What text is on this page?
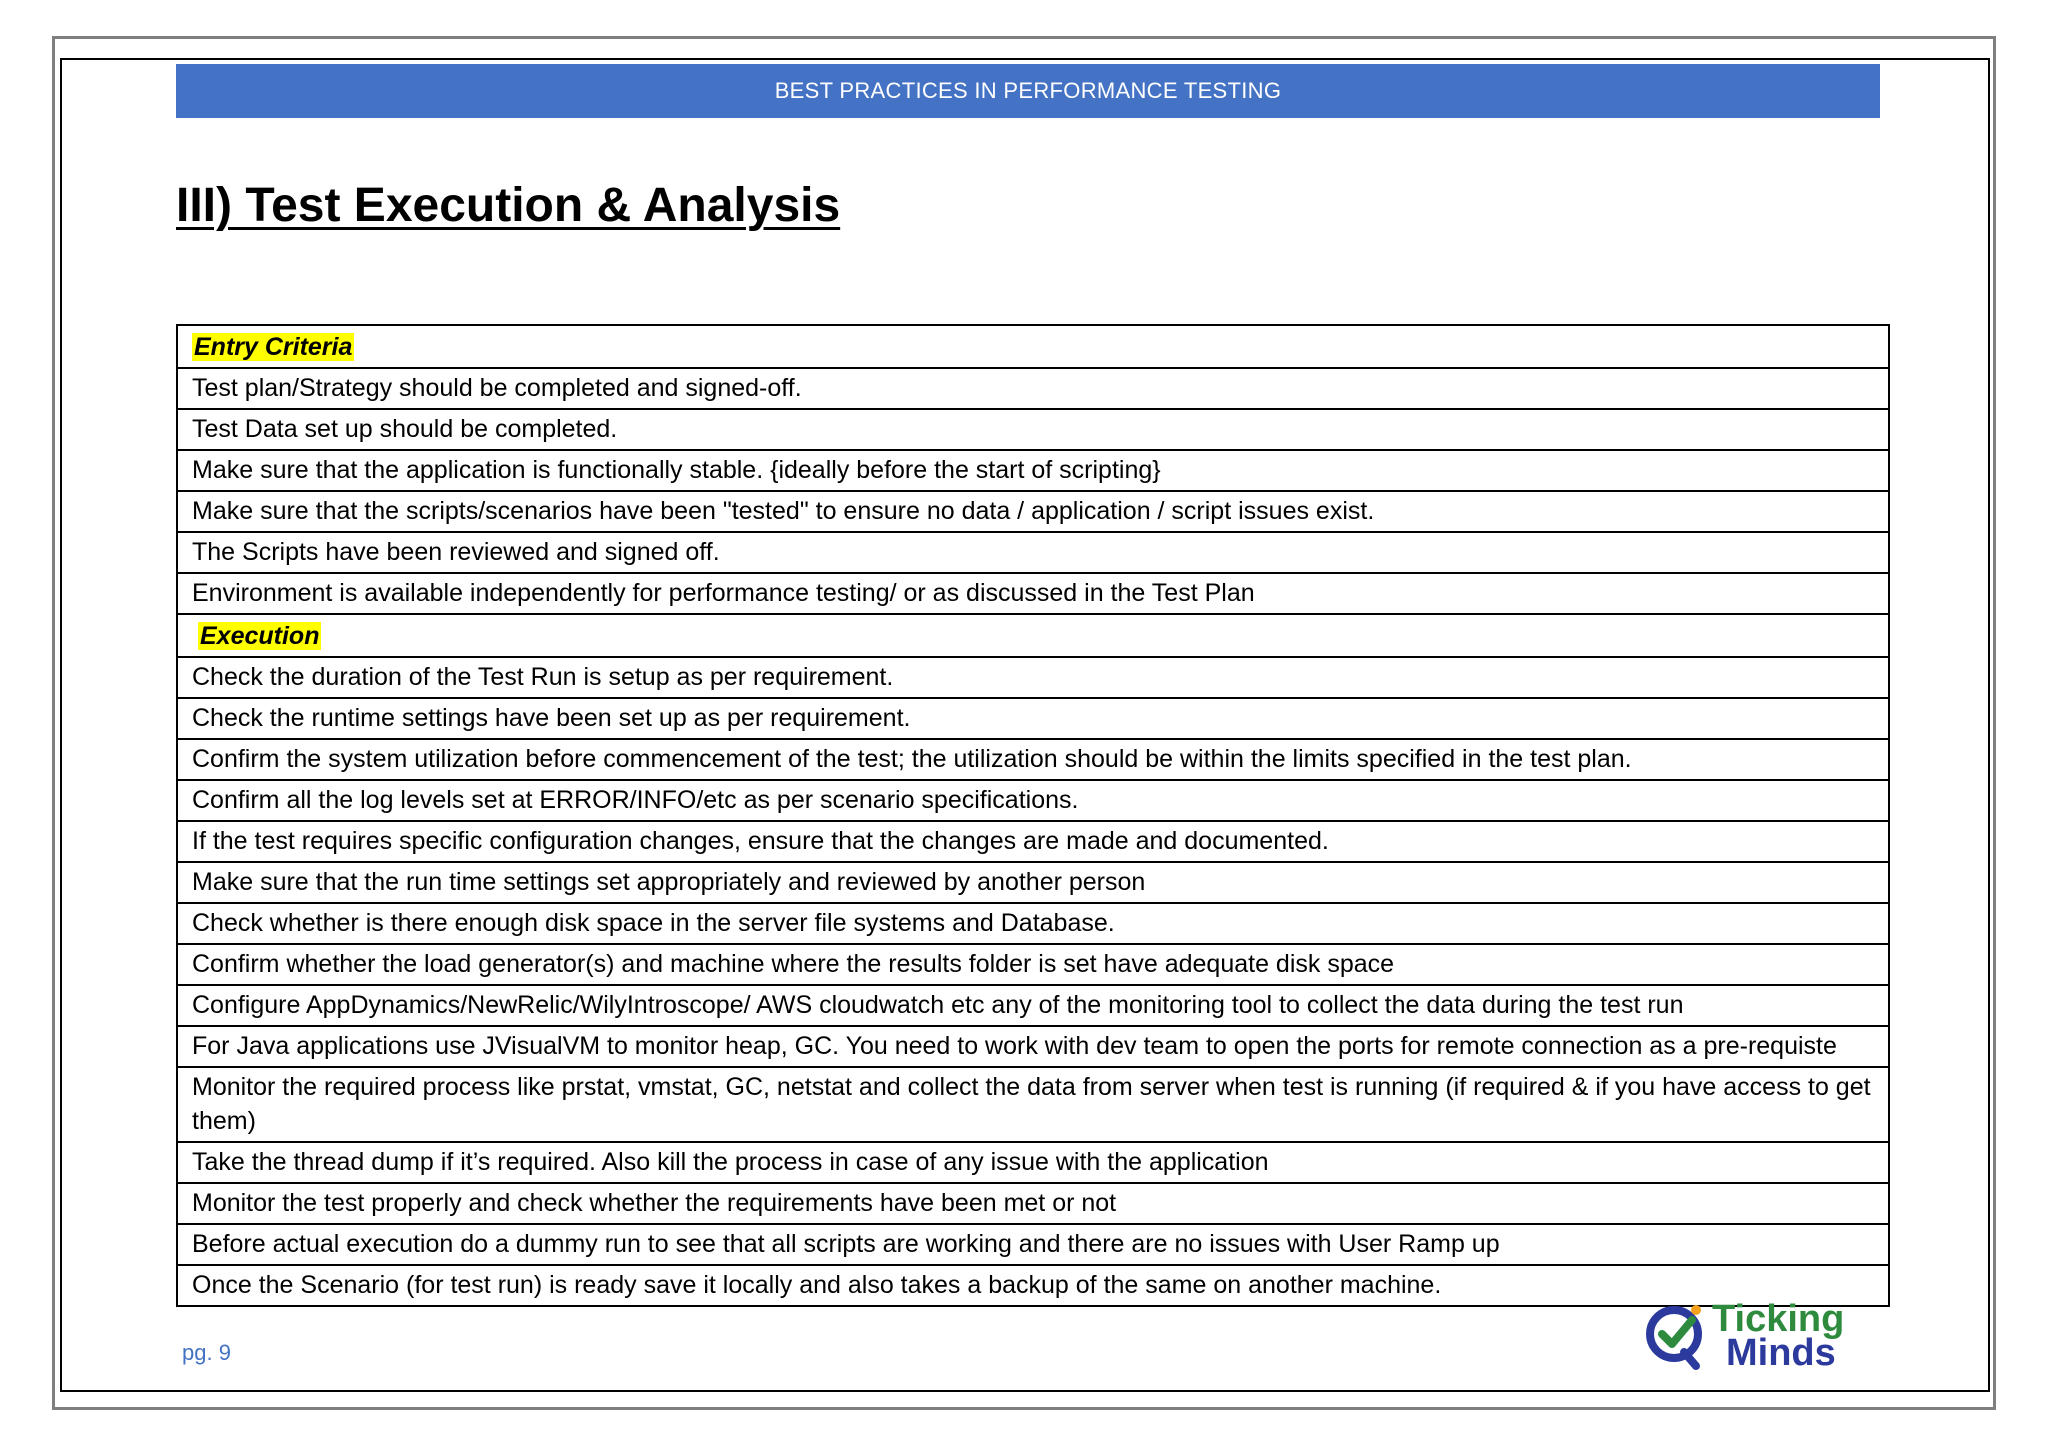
BEST PRACTICES IN PERFORMANCE TESTING
III) Test Execution & Analysis
Entry Criteria
Test plan/Strategy should be completed and signed-off.
Test Data set up should be completed.
Make sure that the application is functionally stable. {ideally before the start of scripting}
Make sure that the scripts/scenarios have been "tested" to ensure no data / application / script issues exist.
The Scripts have been reviewed and signed off.
Environment is available independently for performance testing/ or as discussed in the Test Plan
Execution
Check the duration of the Test Run is setup as per requirement.
Check the runtime settings have been set up as per requirement.
Confirm the system utilization before commencement of the test; the utilization should be within the limits specified in the test plan.
Confirm all the log levels set at ERROR/INFO/etc as per scenario specifications.
If the test requires specific configuration changes, ensure that the changes are made and documented.
Make sure that the run time settings set appropriately and reviewed by another person
Check whether is there enough disk space in the server file systems and Database.
Confirm whether the load generator(s) and machine where the results folder is set have adequate disk space
Configure AppDynamics/NewRelic/WilyIntroscope/ AWS cloudwatch etc any of the monitoring tool to collect the data during the test run
For Java applications use JVisualVM to monitor heap, GC. You need to work with dev team to open the ports for remote connection as a pre-requiste
Monitor the required process like prstat, vmstat, GC, netstat and collect the data from server when test is running (if required & if you have access to get them)
Take the thread dump if it’s required. Also kill the process in case of any issue with the application
Monitor the test properly and check whether the requirements have been met or not
Before actual execution do a dummy run to see that all scripts are working and there are no issues with User Ramp up
Once the Scenario (for test run) is ready save it locally and also takes a backup of the same on another machine.
pg. 9
Ticking
Minds
